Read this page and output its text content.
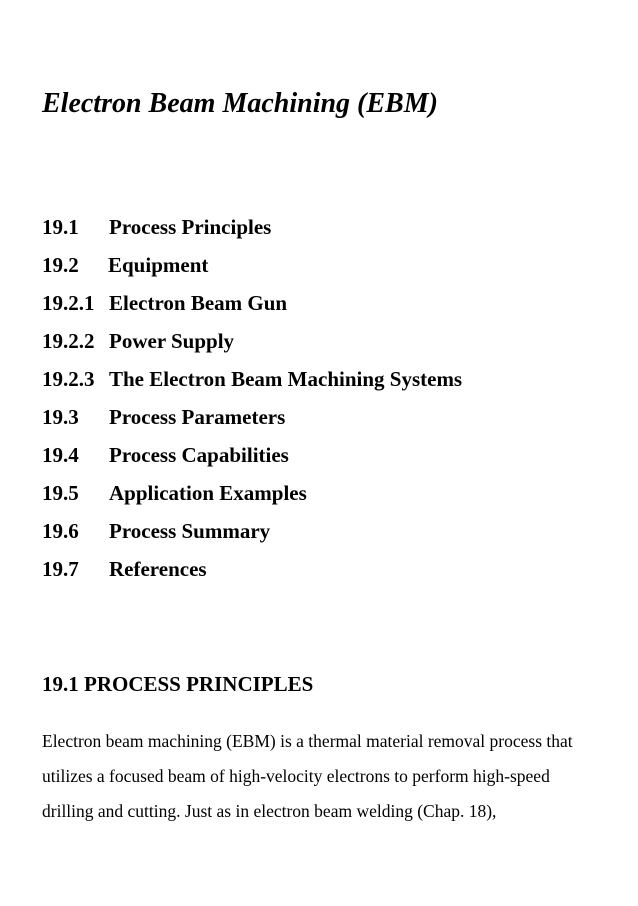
Electron Beam Machining (EBM)
19.1	Process Principles
19.2	Equipment
19.2.1 Electron Beam Gun
19.2.2 Power Supply
19.2.3 The Electron Beam Machining Systems
19.3	Process Parameters
19.4	Process Capabilities
19.5	Application Examples
19.6	Process Summary
19.7	References
19.1 PROCESS PRINCIPLES

Electron beam machining (EBM) is a thermal material removal process that
utilizes a focused beam of high-velocity electrons to perform high-speed
drilling and cutting. Just as in electron beam welding (Chap. 18),
